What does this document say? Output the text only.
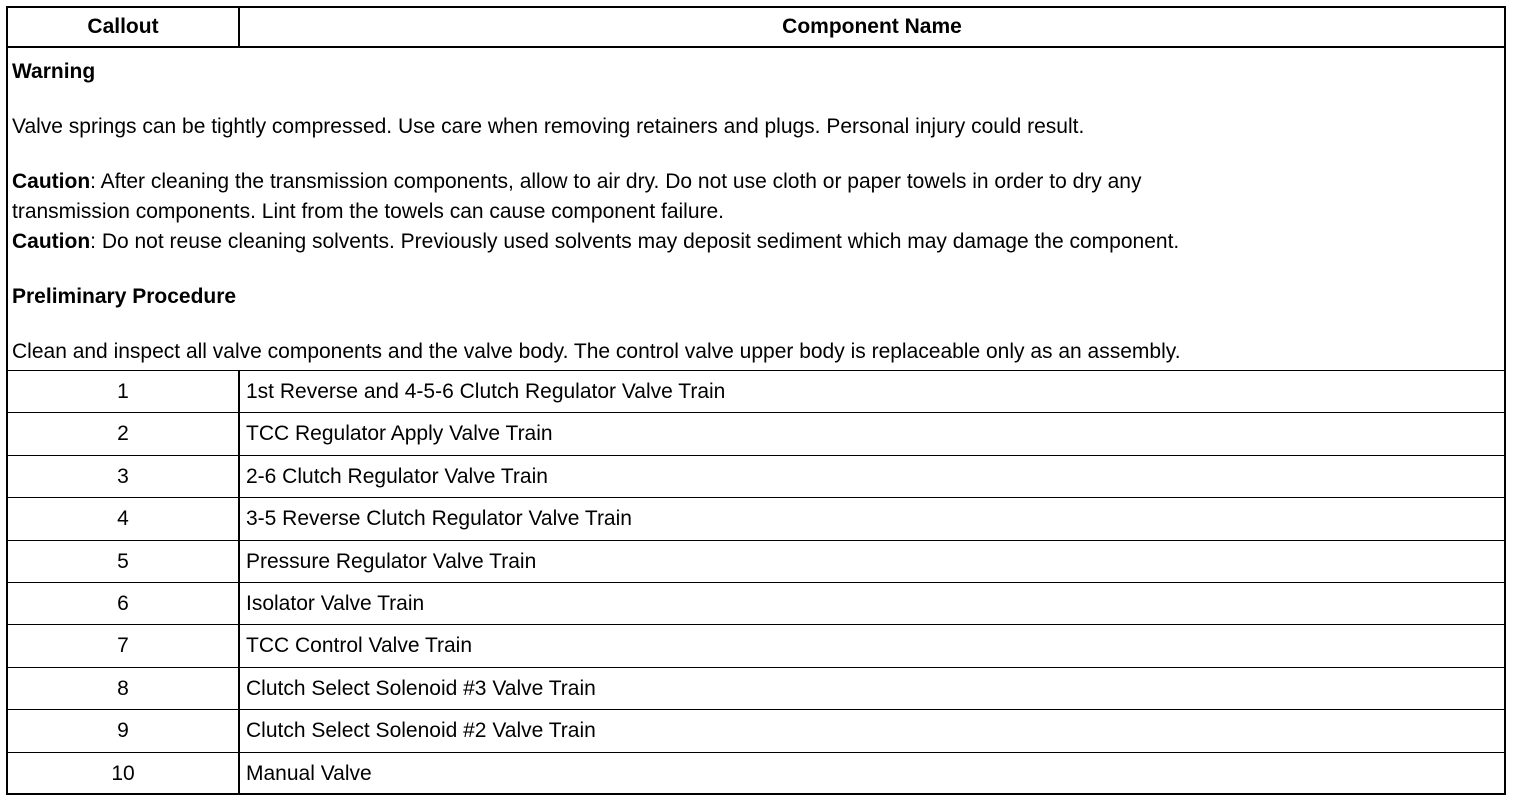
Callout	Component Name

Warning

Valve springs can be tightly compressed. Use care when removing retainers and plugs. Personal injury could result.

Caution: After cleaning the transmission components, allow to air dry. Do not use cloth or paper towels in order to dry any

transmission components. Lint from the towels can cause component failure.

Caution: Do not reuse cleaning solvents. Previously used solvents may deposit sediment which may damage the component.

Preliminary Procedure

Clean and inspect all valve components and the valve body. The control valve upper body is replaceable only as an assembly.

1	1st Reverse and 4-5-6 Clutch Regulator Valve Train
2	TCC Regulator Apply Valve Train
3	2-6 Clutch Regulator Valve Train
4	3-5 Reverse Clutch Regulator Valve Train
5	Pressure Regulator Valve Train
6	Isolator Valve Train
7	TCC Control Valve Train
8	Clutch Select Solenoid #3 Valve Train
9	Clutch Select Solenoid #2 Valve Train
10	Manual Valve
